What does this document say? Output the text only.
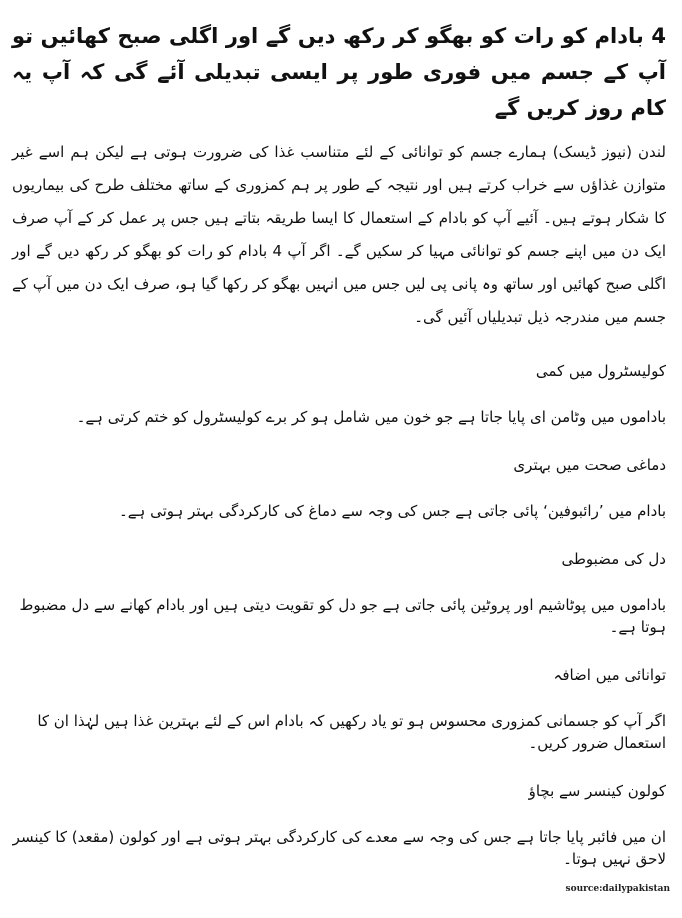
4 بادام کو رات کو بھگو کر رکھ دیں گے اور اگلی صبح کھائیں تو آپ کے جسم میں فوری طور پر ایسی تبدیلی آئے گی کہ آپ یہ کام روز کریں گے

لندن (نیوز ڈیسک) ہمارے جسم کو توانائی کے لئے متناسب غذا کی ضرورت ہوتی ہے لیکن ہم اسے غیر متوازن غذاﺅں سے خراب کرتے ہیں اور نتیجہ کے طور پر ہم کمزوری کے ساتھ مختلف طرح کی بیماریوں کا شکار ہوتے ہیں۔ آئیے آپ کو بادام کے استعمال کا ایسا طریقہ بتاتے ہیں جس پر عمل کر کے آپ صرف ایک دن میں اپنے جسم کو توانائی مہیا کر سکیں گے۔ اگر آپ 4 بادام کو رات کو بھگو کر رکھ دیں گے اور اگلی صبح کھائیں اور ساتھ وہ پانی پی لیں جس میں انہیں بھگو کر رکھا گیا ہو، صرف ایک دن میں آپ کے جسم میں مندرجہ ذیل تبدیلیاں آئیں گی۔

کولیسٹرول میں کمی

باداموں میں وٹامن ای پایا جاتا ہے جو خون میں شامل ہو کر برے کولیسٹرول کو ختم کرتی ہے۔

دماغی صحت میں بہتری

بادام میں ’رائبوفین‘ پائی جاتی ہے جس کی وجہ سے دماغ کی کارکردگی بہتر ہوتی ہے۔

دل کی مضبوطی

باداموں میں پوٹاشیم اور پروٹین پائی جاتی ہے جو دل کو تقویت دیتی ہیں اور بادام کھانے سے دل مضبوط ہوتا ہے۔

توانائی میں اضافہ

اگر آپ کو جسمانی کمزوری محسوس ہو تو یاد رکھیں کہ بادام اس کے لئے بہترین غذا ہیں لہٰذا ان کا استعمال ضرور کریں۔

کولون کینسر سے بچاﺅ

ان میں فائبر پایا جاتا ہے جس کی وجہ سے معدے کی کارکردگی بہتر ہوتی ہے اور کولون (مقعد) کا کینسر لاحق نہیں ہوتا۔

source:dailypakistan
